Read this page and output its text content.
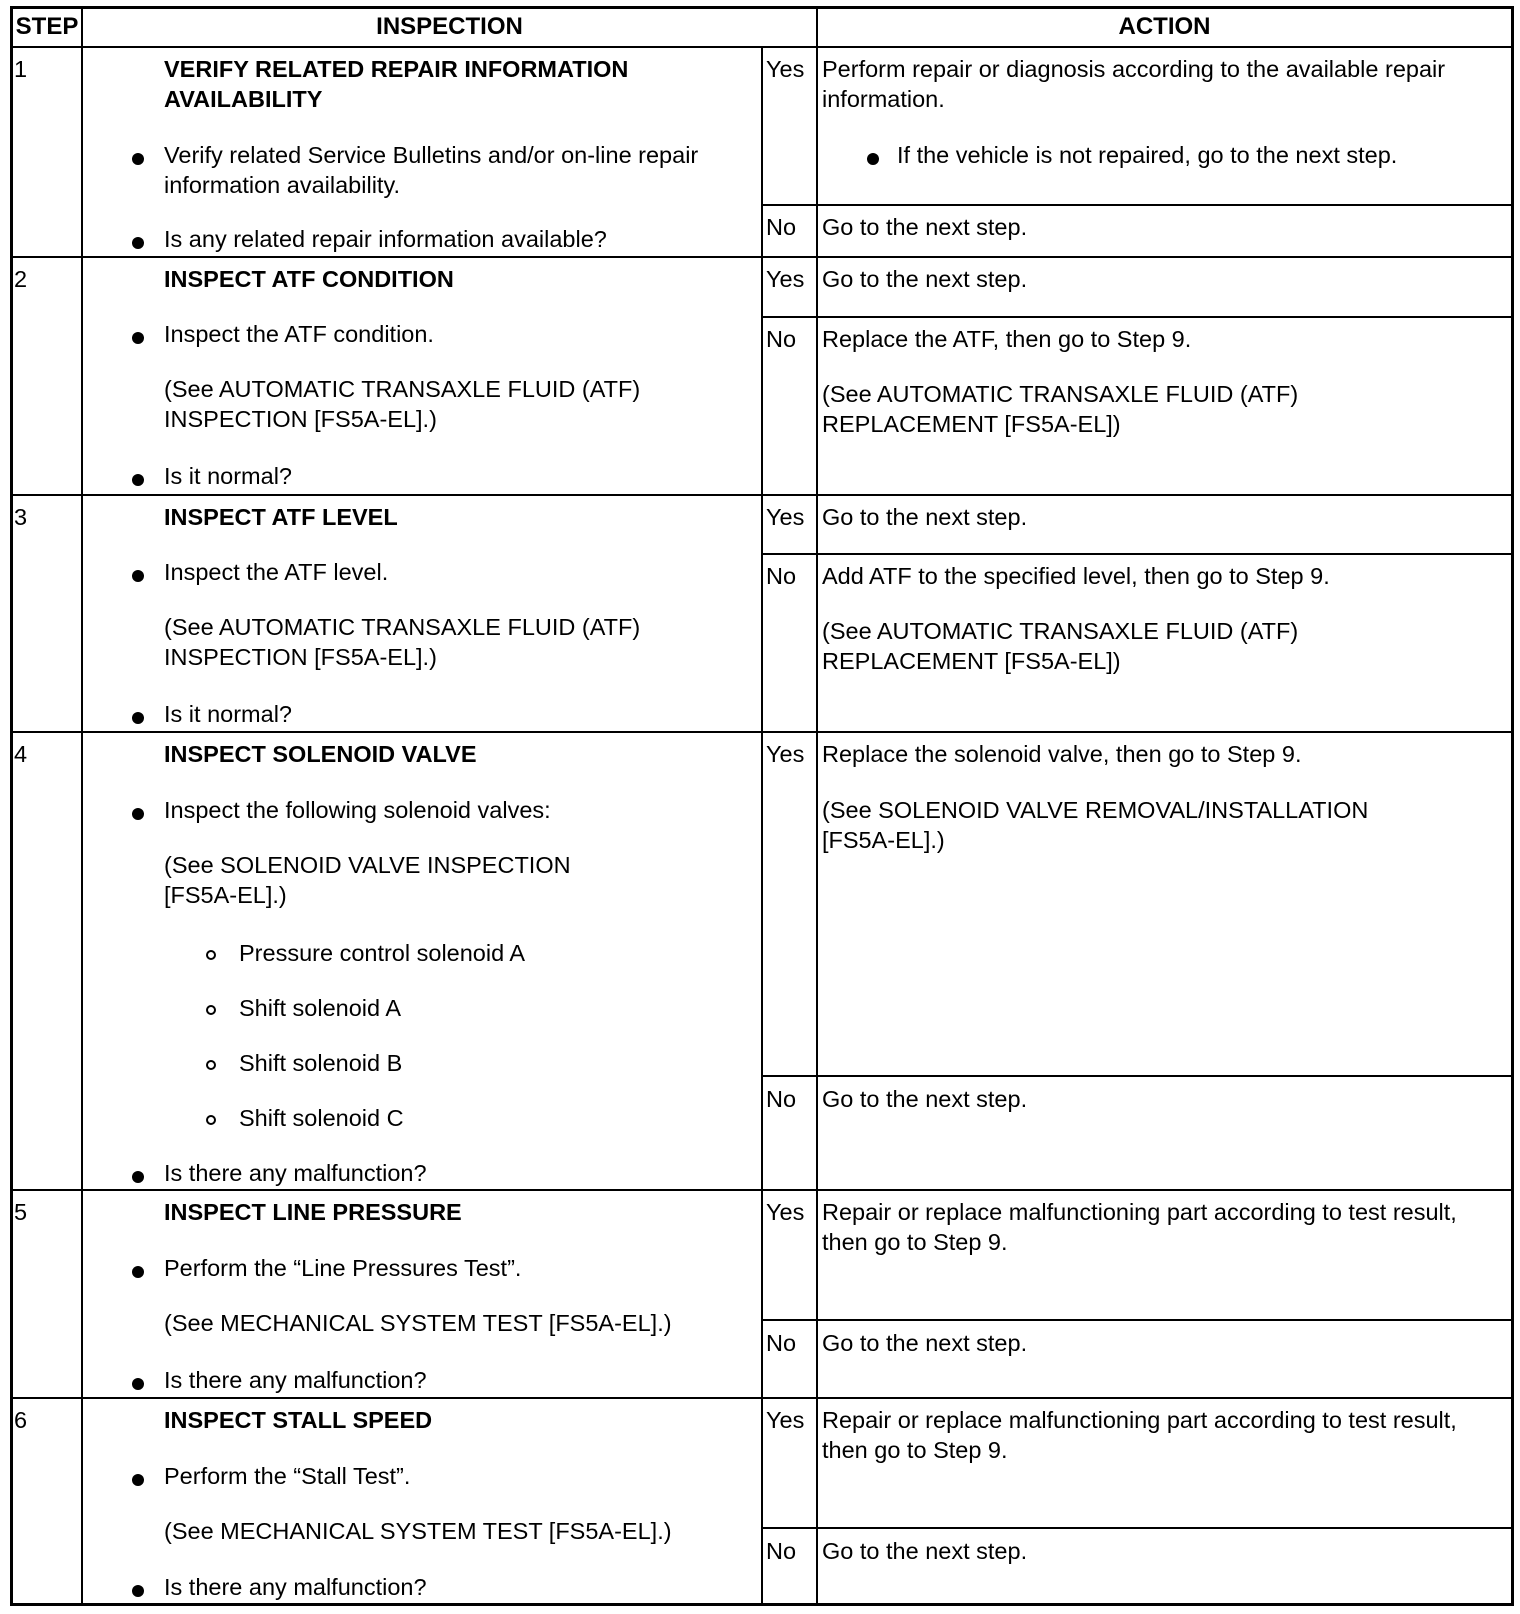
STEP	INSPECTION	ACTION
1	VERIFY RELATED REPAIR INFORMATION
AVAILABILITY
Verify related Service Bulletins and/or on-line repair
information availability.
Is any related repair information available?
Yes Perform repair or diagnosis according to the available repair
information.
If the vehicle is not repaired, go to the next step.
No Go to the next step.
2	INSPECT ATF CONDITION
Inspect the ATF condition.
(See AUTOMATIC TRANSAXLE FLUID (ATF)
INSPECTION [FS5A-EL].)
Is it normal?
Yes Go to the next step.
No Replace the ATF, then go to Step 9.
(See AUTOMATIC TRANSAXLE FLUID (ATF)
REPLACEMENT [FS5A-EL])
3	INSPECT ATF LEVEL
Inspect the ATF level.
(See AUTOMATIC TRANSAXLE FLUID (ATF)
INSPECTION [FS5A-EL].)
Is it normal?
Yes Go to the next step.
No Add ATF to the specified level, then go to Step 9.
(See AUTOMATIC TRANSAXLE FLUID (ATF)
REPLACEMENT [FS5A-EL])
4	INSPECT SOLENOID VALVE
Inspect the following solenoid valves:
(See SOLENOID VALVE INSPECTION
[FS5A-EL].)
Pressure control solenoid A
Shift solenoid A
Shift solenoid B
Shift solenoid C
Is there any malfunction?
Yes Replace the solenoid valve, then go to Step 9.
(See SOLENOID VALVE REMOVAL/INSTALLATION
[FS5A-EL].)
No Go to the next step.
5	INSPECT LINE PRESSURE
Perform the “Line Pressures Test”.
(See MECHANICAL SYSTEM TEST [FS5A-EL].)
Is there any malfunction?
Yes Repair or replace malfunctioning part according to test result,
then go to Step 9.
No Go to the next step.
6	INSPECT STALL SPEED
Perform the “Stall Test”.
(See MECHANICAL SYSTEM TEST [FS5A-EL].)
Is there any malfunction?
Yes Repair or replace malfunctioning part according to test result,
then go to Step 9.
No Go to the next step.
